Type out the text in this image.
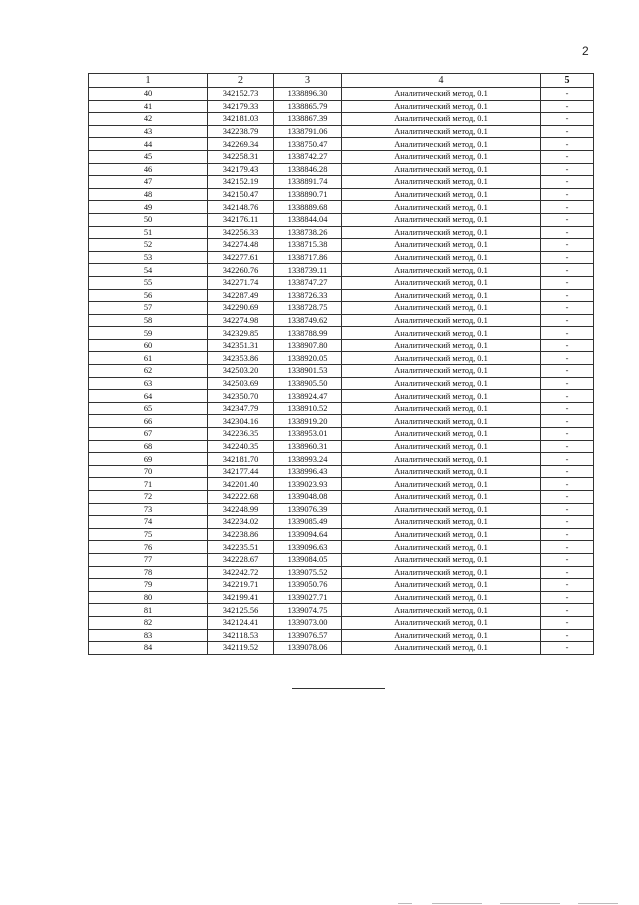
2
1	2	3	4	5
40	342152.73	1338896.30	Аналитический метод, 0.1	-
41	342179.33	1338865.79	Аналитический метод, 0.1	-
42	342181.03	1338867.39	Аналитический метод, 0.1	-
43	342238.79	1338791.06	Аналитический метод, 0.1	-
44	342269.34	1338750.47	Аналитический метод, 0.1	-
45	342258.31	1338742.27	Аналитический метод, 0.1	-
46	342179.43	1338846.28	Аналитический метод, 0.1	-
47	342152.19	1338891.74	Аналитический метод, 0.1	-
48	342150.47	1338890.71	Аналитический метод, 0.1	-
49	342148.76	1338889.68	Аналитический метод, 0.1	-
50	342176.11	1338844.04	Аналитический метод, 0.1	-
51	342256.33	1338738.26	Аналитический метод, 0.1	-
52	342274.48	1338715.38	Аналитический метод, 0.1	-
53	342277.61	1338717.86	Аналитический метод, 0.1	-
54	342260.76	1338739.11	Аналитический метод, 0.1	-
55	342271.74	1338747.27	Аналитический метод, 0.1	-
56	342287.49	1338726.33	Аналитический метод, 0.1	-
57	342290.69	1338728.75	Аналитический метод, 0.1	-
58	342274.98	1338749.62	Аналитический метод, 0.1	-
59	342329.85	1338788.99	Аналитический метод, 0.1	-
60	342351.31	1338907.80	Аналитический метод, 0.1	-
61	342353.86	1338920.05	Аналитический метод, 0.1	-
62	342503.20	1338901.53	Аналитический метод, 0.1	-
63	342503.69	1338905.50	Аналитический метод, 0.1	-
64	342350.70	1338924.47	Аналитический метод, 0.1	-
65	342347.79	1338910.52	Аналитический метод, 0.1	-
66	342304.16	1338919.20	Аналитический метод, 0.1	-
67	342236.35	1338953.01	Аналитический метод, 0.1	-
68	342240.35	1338960.31	Аналитический метод, 0.1	-
69	342181.70	1338993.24	Аналитический метод, 0.1	-
70	342177.44	1338996.43	Аналитический метод, 0.1	-
71	342201.40	1339023.93	Аналитический метод, 0.1	-
72	342222.68	1339048.08	Аналитический метод, 0.1	-
73	342248.99	1339076.39	Аналитический метод, 0.1	-
74	342234.02	1339085.49	Аналитический метод, 0.1	-
75	342238.86	1339094.64	Аналитический метод, 0.1	-
76	342235.51	1339096.63	Аналитический метод, 0.1	-
77	342228.67	1339084.05	Аналитический метод, 0.1	-
78	342242.72	1339075.52	Аналитический метод, 0.1	-
79	342219.71	1339050.76	Аналитический метод, 0.1	-
80	342199.41	1339027.71	Аналитический метод, 0.1	-
81	342125.56	1339074.75	Аналитический метод, 0.1	-
82	342124.41	1339073.00	Аналитический метод, 0.1	-
83	342118.53	1339076.57	Аналитический метод, 0.1	-
84	342119.52	1339078.06	Аналитический метод, 0.1	-
